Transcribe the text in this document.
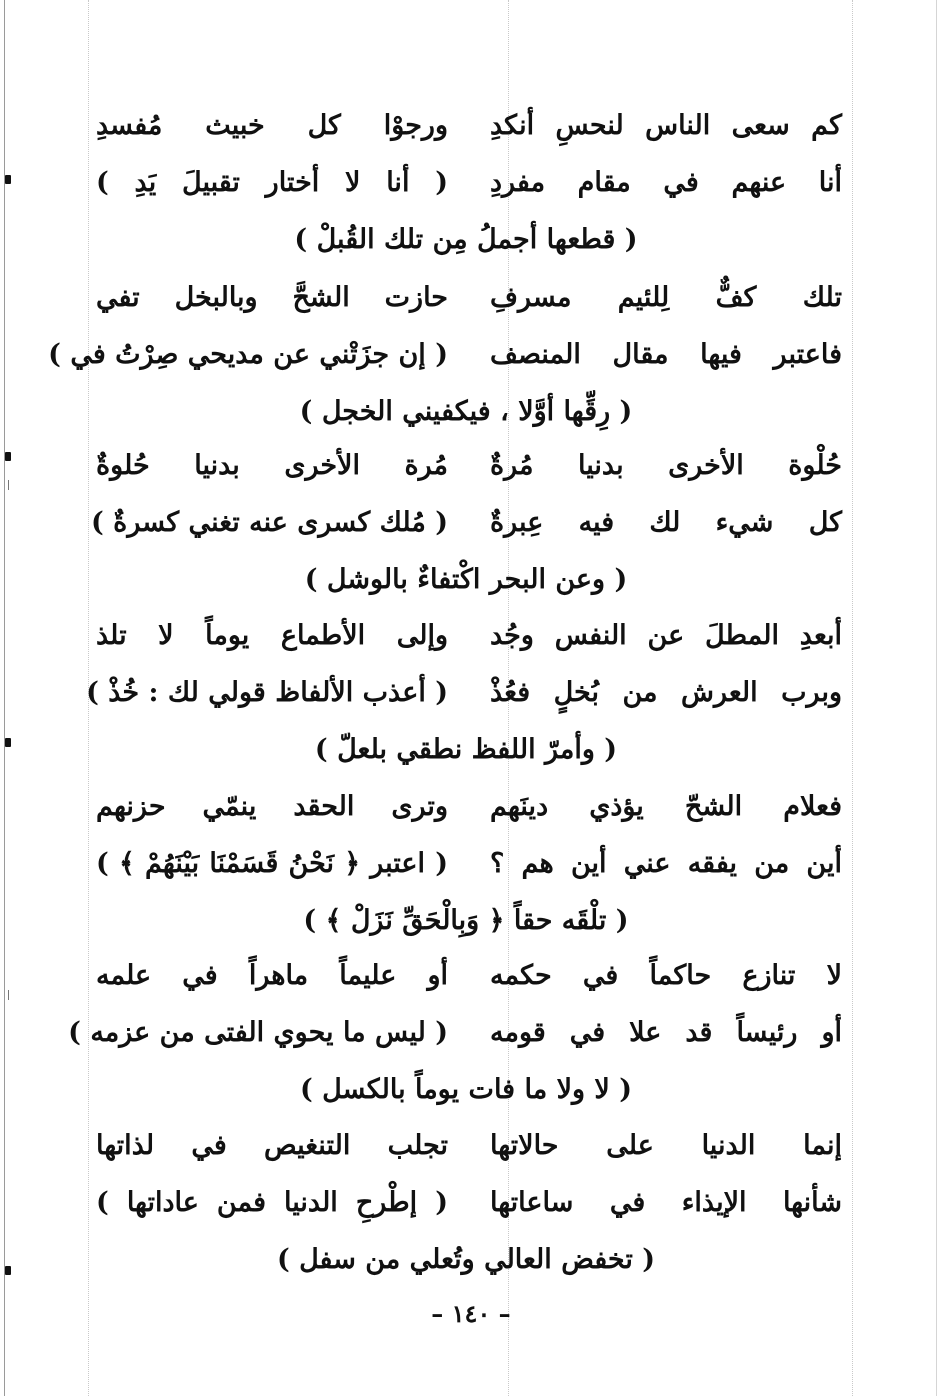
كم سعى الناس لنحسِ أنكدِ
ورجوْا كل خبيث مُفسدِ
أنا عنهم في مقام مفردِ
( أنا لا أختار تقبيلَ يَدِ )
( قطعها أجملُ مِن تلك القُبلْ )
تلك كفٌّ لِلئيم مسرفِ
حازت الشحَّ وبالبخل تفي
فاعتبر فيها مقال المنصف
( إن جزَتْني عن مديحي صِرْتُ في )
( رِقِّها أوَّلا ، فيكفيني الخجل )
حُلْوة الأخرى بدنيا مُرةٌ
مُرة الأخرى بدنيا حُلوةٌ
كل شيء لك فيه عِبرةٌ
( مُلك كسرى عنه تغني كسرةٌ )
( وعن البحر اكْتفاءٌ بالوشل )
أبعدِ المطلَ عن النفس وجُد
وإلى الأطماع يوماً لا تلذ
وبرب العرش من بُخلٍ فعُذْ
( أعذب الألفاظ قولي لك : خُذْ )
( وأمرّ اللفظ نطقي بلعلّ )
فعلام الشحّ يؤذي دينَهم
وترى الحقد ينمّي حزنهم
أين من يفقه عني أين هم ؟
( اعتبر ﴿ نَحْنُ قَسَمْنَا بَيْنَهُمْ ﴾ )
( تلْقَه حقاً ﴿ وَبِالْحَقِّ نَزَلْ ﴾ )
لا تنازع حاكماً في حكمه
أو عليماً ماهراً في علمه
أو رئيساً قد علا في قومه
( ليس ما يحوي الفتى من عزمه )
( لا ولا ما فات يوماً بالكسل )
إنما الدنيا على حالاتها
تجلب التنغيص في لذاتها
شأنها الإيذاء في ساعاتها
( إطْرحِ الدنيا فمن عاداتها )
( تخفض العالي وتُعلي من سفل )
– ١٤٠ –
